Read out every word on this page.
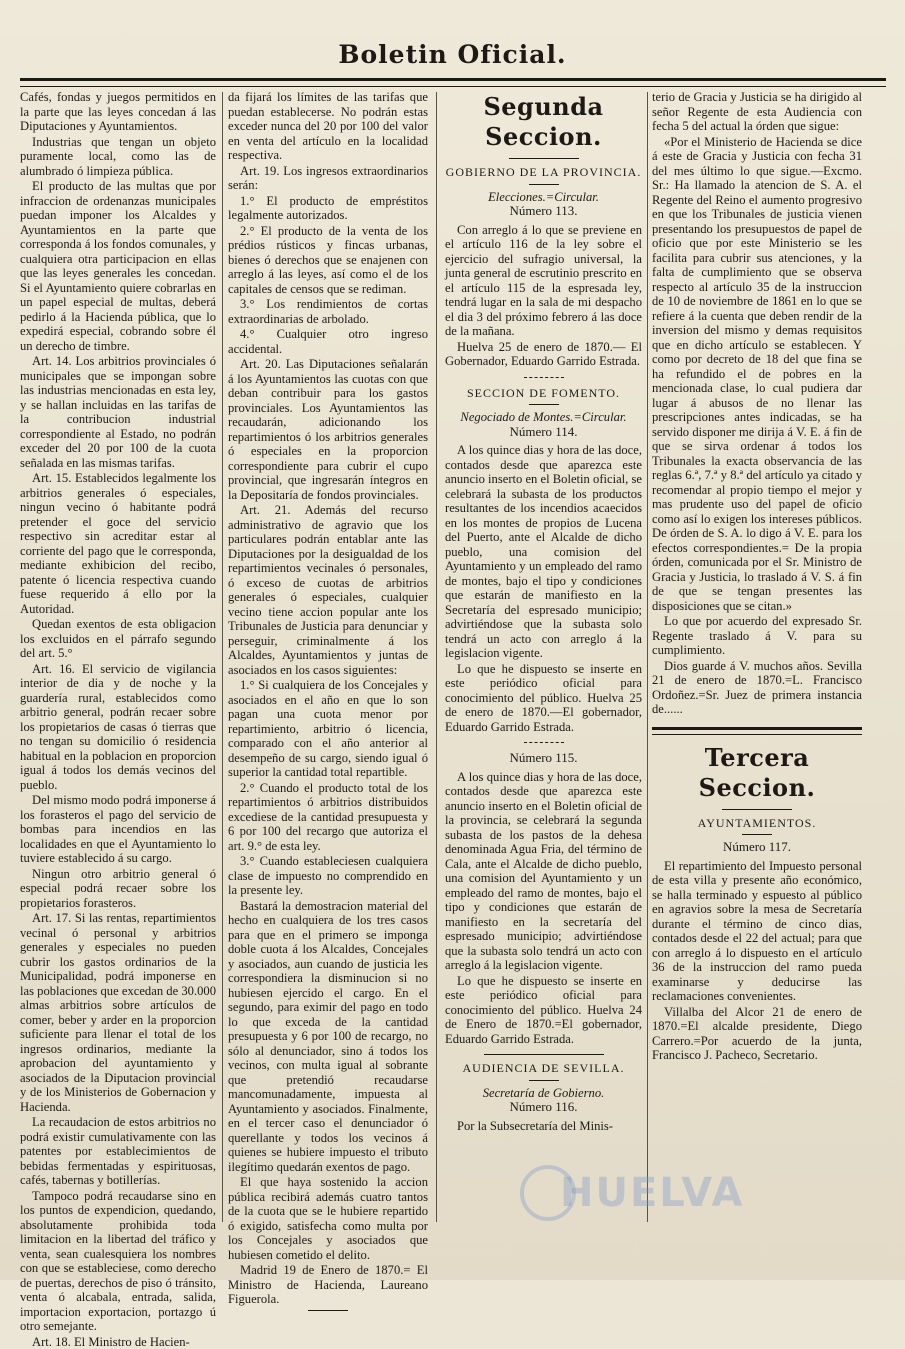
Boletin Oficial.

Cafés, fondas y juegos permitidos en la parte que las leyes concedan á las Diputaciones y Ayuntamientos.

Industrias que tengan un objeto puramente local, como las de alumbrado ó limpieza pública.

El producto de las multas que por infraccion de ordenanzas municipales puedan imponer los Alcaldes y Ayuntamientos en la parte que corresponda á los fondos comunales, y cualquiera otra participacion en ellas que las leyes generales les concedan. Si el Ayuntamiento quiere cobrarlas en un papel especial de multas, deberá pedirlo á la Hacienda pública, que lo expedirá especial, cobrando sobre él un derecho de timbre.

Art. 14. Los arbitrios provinciales ó municipales que se impongan sobre las industrias mencionadas en esta ley, y se hallan incluidas en las tarifas de la contribucion industrial correspondiente al Estado, no podrán exceder del 20 por 100 de la cuota señalada en las mismas tarifas.

Art. 15. Establecidos legalmente los arbitrios generales ó especiales, ningun vecino ó habitante podrá pretender el goce del servicio respectivo sin acreditar estar al corriente del pago que le corresponda, mediante exhibicion del recibo, patente ó licencia respectiva cuando fuese requerido á ello por la Autoridad.

Quedan exentos de esta obligacion los excluidos en el párrafo segundo del art. 5.°

Art. 16. El servicio de vigilancia interior de dia y de noche y la guardería rural, establecidos como arbitrio general, podrán recaer sobre los propietarios de casas ó tierras que no tengan su domicilio ó residencia habitual en la poblacion en proporcion igual á todos los demás vecinos del pueblo.

Del mismo modo podrá imponerse á los forasteros el pago del servicio de bombas para incendios en las localidades en que el Ayuntamiento lo tuviere establecido á su cargo.

Ningun otro arbitrio general ó especial podrá recaer sobre los propietarios forasteros.

Art. 17. Si las rentas, repartimientos vecinal ó personal y arbitrios generales y especiales no pueden cubrir los gastos ordinarios de la Municipalidad, podrá imponerse en las poblaciones que excedan de 30.000 almas arbitrios sobre artículos de comer, beber y arder en la proporcion suficiente para llenar el total de los ingresos ordinarios, mediante la aprobacion del ayuntamiento y asociados de la Diputacion provincial y de los Ministerios de Gobernacion y Hacienda.

La recaudacion de estos arbitrios no podrá existir cumulativamente con las patentes por establecimientos de bebidas fermentadas y espirituosas, cafés, tabernas y botillerías.

Tampoco podrá recaudarse sino en los puntos de expendicion, quedando, absolutamente prohibida toda limitacion en la libertad del tráfico y venta, sean cualesquiera los nombres con que se estableciese, como derecho de puertas, derechos de piso ó tránsito, venta ó alcabala, entrada, salida, importacion exportacion, portazgo ú otro semejante.

Art. 18. El Ministro de Hacien-

da fijará los límites de las tarifas que puedan establecerse. No podrán estas exceder nunca del 20 por 100 del valor en venta del artículo en la localidad respectiva.

Art. 19. Los ingresos extraordinarios serán:

1.° El producto de empréstitos legalmente autorizados.

2.° El producto de la venta de los prédios rústicos y fincas urbanas, bienes ó derechos que se enajenen con arreglo á las leyes, así como el de los capitales de censos que se rediman.

3.° Los rendimientos de cortas extraordinarias de arbolado.

4.° Cualquier otro ingreso accidental.

Art. 20. Las Diputaciones señalarán á los Ayuntamientos las cuotas con que deban contribuir para los gastos provinciales. Los Ayuntamientos las recaudarán, adicionando los repartimientos ó los arbitrios generales ó especiales en la proporcion correspondiente para cubrir el cupo provincial, que ingresarán íntegros en la Depositaría de fondos provinciales.

Art. 21. Además del recurso administrativo de agravio que los particulares podrán entablar ante las Diputaciones por la desigualdad de los repartimientos vecinales ó personales, ó exceso de cuotas de arbitrios generales ó especiales, cualquier vecino tiene accion popular ante los Tribunales de Justicia para denunciar y perseguir, criminalmente á los Alcaldes, Ayuntamientos y juntas de asociados en los casos siguientes:

1.° Si cualquiera de los Concejales y asociados en el año en que lo son pagan una cuota menor por repartimiento, arbitrio ó licencia, comparado con el año anterior al desempeño de su cargo, siendo igual ó superior la cantidad total repartible.

2.° Cuando el producto total de los repartimientos ó arbitrios distribuidos excediese de la cantidad presupuesta y 6 por 100 del recargo que autoriza el art. 9.° de esta ley.

3.° Cuando estableciesen cualquiera clase de impuesto no comprendido en la presente ley.

Bastará la demostracion material del hecho en cualquiera de los tres casos para que en el primero se imponga doble cuota á los Alcaldes, Concejales y asociados, aun cuando de justicia les correspondiera la disminucion si no hubiesen ejercido el cargo. En el segundo, para eximir del pago en todo lo que exceda de la cantidad presupuesta y 6 por 100 de recargo, no sólo al denunciador, sino á todos los vecinos, con multa igual al sobrante que pretendió recaudarse mancomunadamente, impuesta al Ayuntamiento y asociados. Finalmente, en el tercer caso el denunciador ó querellante y todos los vecinos á quienes se hubiere impuesto el tributo ilegítimo quedarán exentos de pago.

El que haya sostenido la accion pública recibirá además cuatro tantos de la cuota que se le hubiere repartido ó exigido, satisfecha como multa por los Concejales y asociados que hubiesen cometido el delito.

Madrid 19 de Enero de 1870.= El Ministro de Hacienda, Laureano Figuerola.

Segunda Seccion.
GOBIERNO DE LA PROVINCIA.
Elecciones.=Circular.
Número 113.

Con arreglo á lo que se previene en el artículo 116 de la ley sobre el ejercicio del sufragio universal, la junta general de escrutinio prescrito en el artículo 115 de la espresada ley, tendrá lugar en la sala de mi despacho el dia 3 del próximo febrero á las doce de la mañana.

Huelva 25 de enero de 1870.— El Gobernador, Eduardo Garrido Estrada.

SECCION DE FOMENTO.
Negociado de Montes.=Circular.
Número 114.

A los quince dias y hora de las doce, contados desde que aparezca este anuncio inserto en el Boletin oficial, se celebrará la subasta de los productos resultantes de los incendios acaecidos en los montes de propios de Lucena del Puerto, ante el Alcalde de dicho pueblo, una comision del Ayuntamiento y un empleado del ramo de montes, bajo el tipo y condiciones que estarán de manifiesto en la Secretaría del espresado municipio; advirtiéndose que la subasta solo tendrá un acto con arreglo á la legislacion vigente.

Lo que he dispuesto se inserte en este periódico oficial para conocimiento del público. Huelva 25 de enero de 1870.—El gobernador, Eduardo Garrido Estrada.

Número 115.

A los quince dias y hora de las doce, contados desde que aparezca este anuncio inserto en el Boletin oficial de la provincia, se celebrará la segunda subasta de los pastos de la dehesa denominada Agua Fria, del término de Cala, ante el Alcalde de dicho pueblo, una comision del Ayuntamiento y un empleado del ramo de montes, bajo el tipo y condiciones que estarán de manifiesto en la secretaría del espresado municipio; advirtiéndose que la subasta solo tendrá un acto con arreglo á la legislacion vigente.

Lo que he dispuesto se inserte en este periódico oficial para conocimiento del público. Huelva 24 de Enero de 1870.=El gobernador, Eduardo Garrido Estrada.

AUDIENCIA DE SEVILLA.
Secretaría de Gobierno.
Número 116.

Por la Subsecretaría del Minis-

terio de Gracia y Justicia se ha dirigido al señor Regente de esta Audiencia con fecha 5 del actual la órden que sigue:

«Por el Ministerio de Hacienda se dice á este de Gracia y Justicia con fecha 31 del mes último lo que sigue.—Excmo. Sr.: Ha llamado la atencion de S. A. el Regente del Reino el aumento progresivo en que los Tribunales de justicia vienen presentando los presupuestos de papel de oficio que por este Ministerio se les facilita para cubrir sus atenciones, y la falta de cumplimiento que se observa respecto al artículo 35 de la instruccion de 10 de noviembre de 1861 en lo que se refiere á la cuenta que deben rendir de la inversion del mismo y demas requisitos que en dicho artículo se establecen. Y como por decreto de 18 del que fina se ha refundido el de pobres en la mencionada clase, lo cual pudiera dar lugar á abusos de no llenar las prescripciones antes indicadas, se ha servido disponer me dirija á V. E. á fin de que se sirva ordenar á todos los Tribunales la exacta observancia de las reglas 6.ª, 7.ª y 8.ª del artículo ya citado y recomendar al propio tiempo el mejor y mas prudente uso del papel de oficio como así lo exigen los intereses públicos. De órden de S. A. lo digo á V. E. para los efectos correspondientes.= De la propia órden, comunicada por el Sr. Ministro de Gracia y Justicia, lo traslado á V. S. á fin de que se tengan presentes las disposiciones que se citan.»

Lo que por acuerdo del expresado Sr. Regente traslado á V. para su cumplimiento.

Dios guarde á V. muchos años. Sevilla 21 de enero de 1870.=L. Francisco Ordoñez.=Sr. Juez de primera instancia de......

Tercera Seccion.
AYUNTAMIENTOS.
Número 117.

El repartimiento del Impuesto personal de esta villa y presente año económico, se halla terminado y espuesto al público en agravios sobre la mesa de Secretaría durante el término de cinco dias, contados desde el 22 del actual; para que con arreglo á lo dispuesto en el artículo 36 de la instruccion del ramo pueda examinarse y deducirse las reclamaciones convenientes.

Villalba del Alcor 21 de enero de 1870.=El alcalde presidente, Diego Carrero.=Por acuerdo de la junta, Francisco J. Pacheco, Secretario.

HUELVA
